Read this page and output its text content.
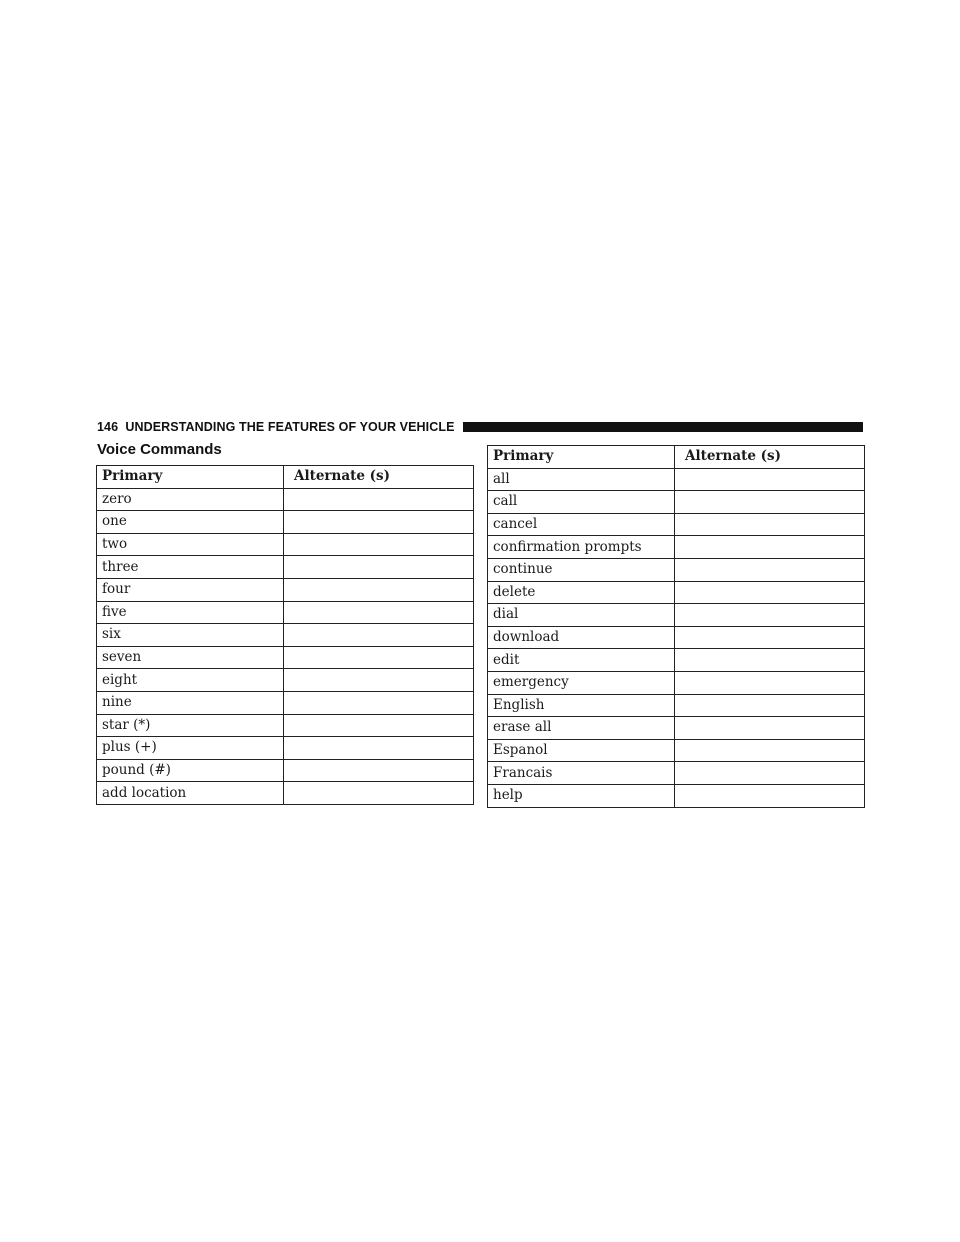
146 UNDERSTANDING THE FEATURES OF YOUR VEHICLE
Voice Commands
Primary	Alternate (s)
zero	
one	
two	
three	
four	
five	
six	
seven	
eight	
nine	
star (*)	
plus (+)	
pound (#)	
add location	
Primary	Alternate (s)
all	
call	
cancel	
confirmation prompts	
continue	
delete	
dial	
download	
edit	
emergency	
English	
erase all	
Espanol	
Francais	
help	
